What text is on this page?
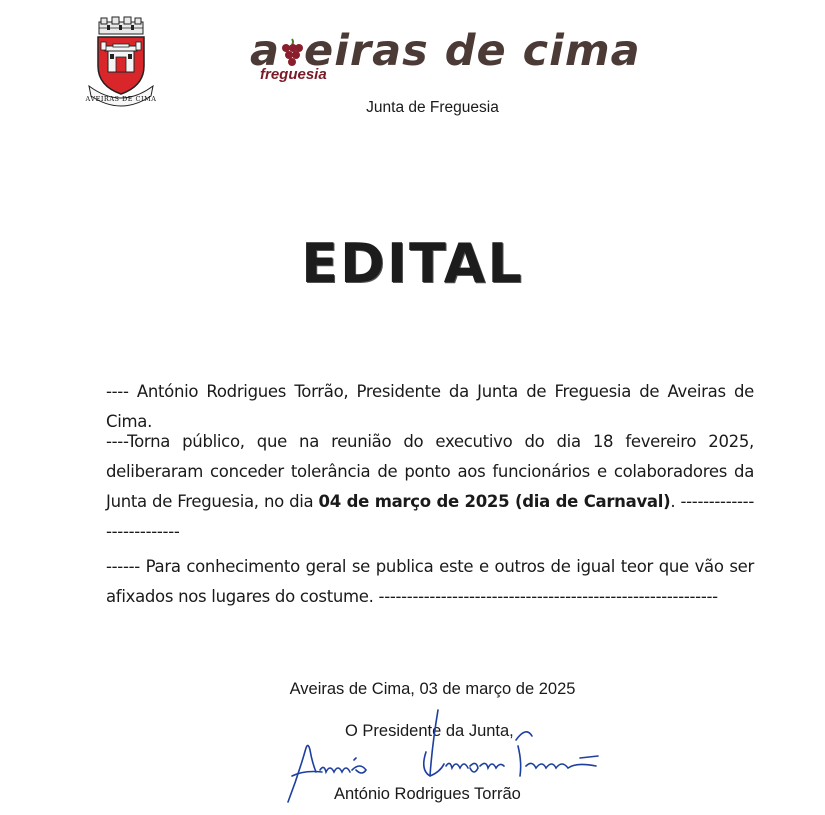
AVEIRAS DE CIMA
a eiras de cima
freguesia
Junta de Freguesia
EDITAL
---- António Rodrigues Torrão, Presidente da Junta de Freguesia de Aveiras de Cima.
----Torna público, que na reunião do executivo do dia 18 fevereiro 2025, deliberaram conceder tolerância de ponto aos funcionários e colaboradores da Junta de Freguesia, no dia 04 de março de 2025 (dia de Carnaval). --------------------------
------ Para conhecimento geral se publica este e outros de igual teor que vão ser afixados nos lugares do costume. ------------------------------------------------------------
Aveiras de Cima, 03 de março de 2025
O Presidente da Junta,
António Rodrigues Torrão
